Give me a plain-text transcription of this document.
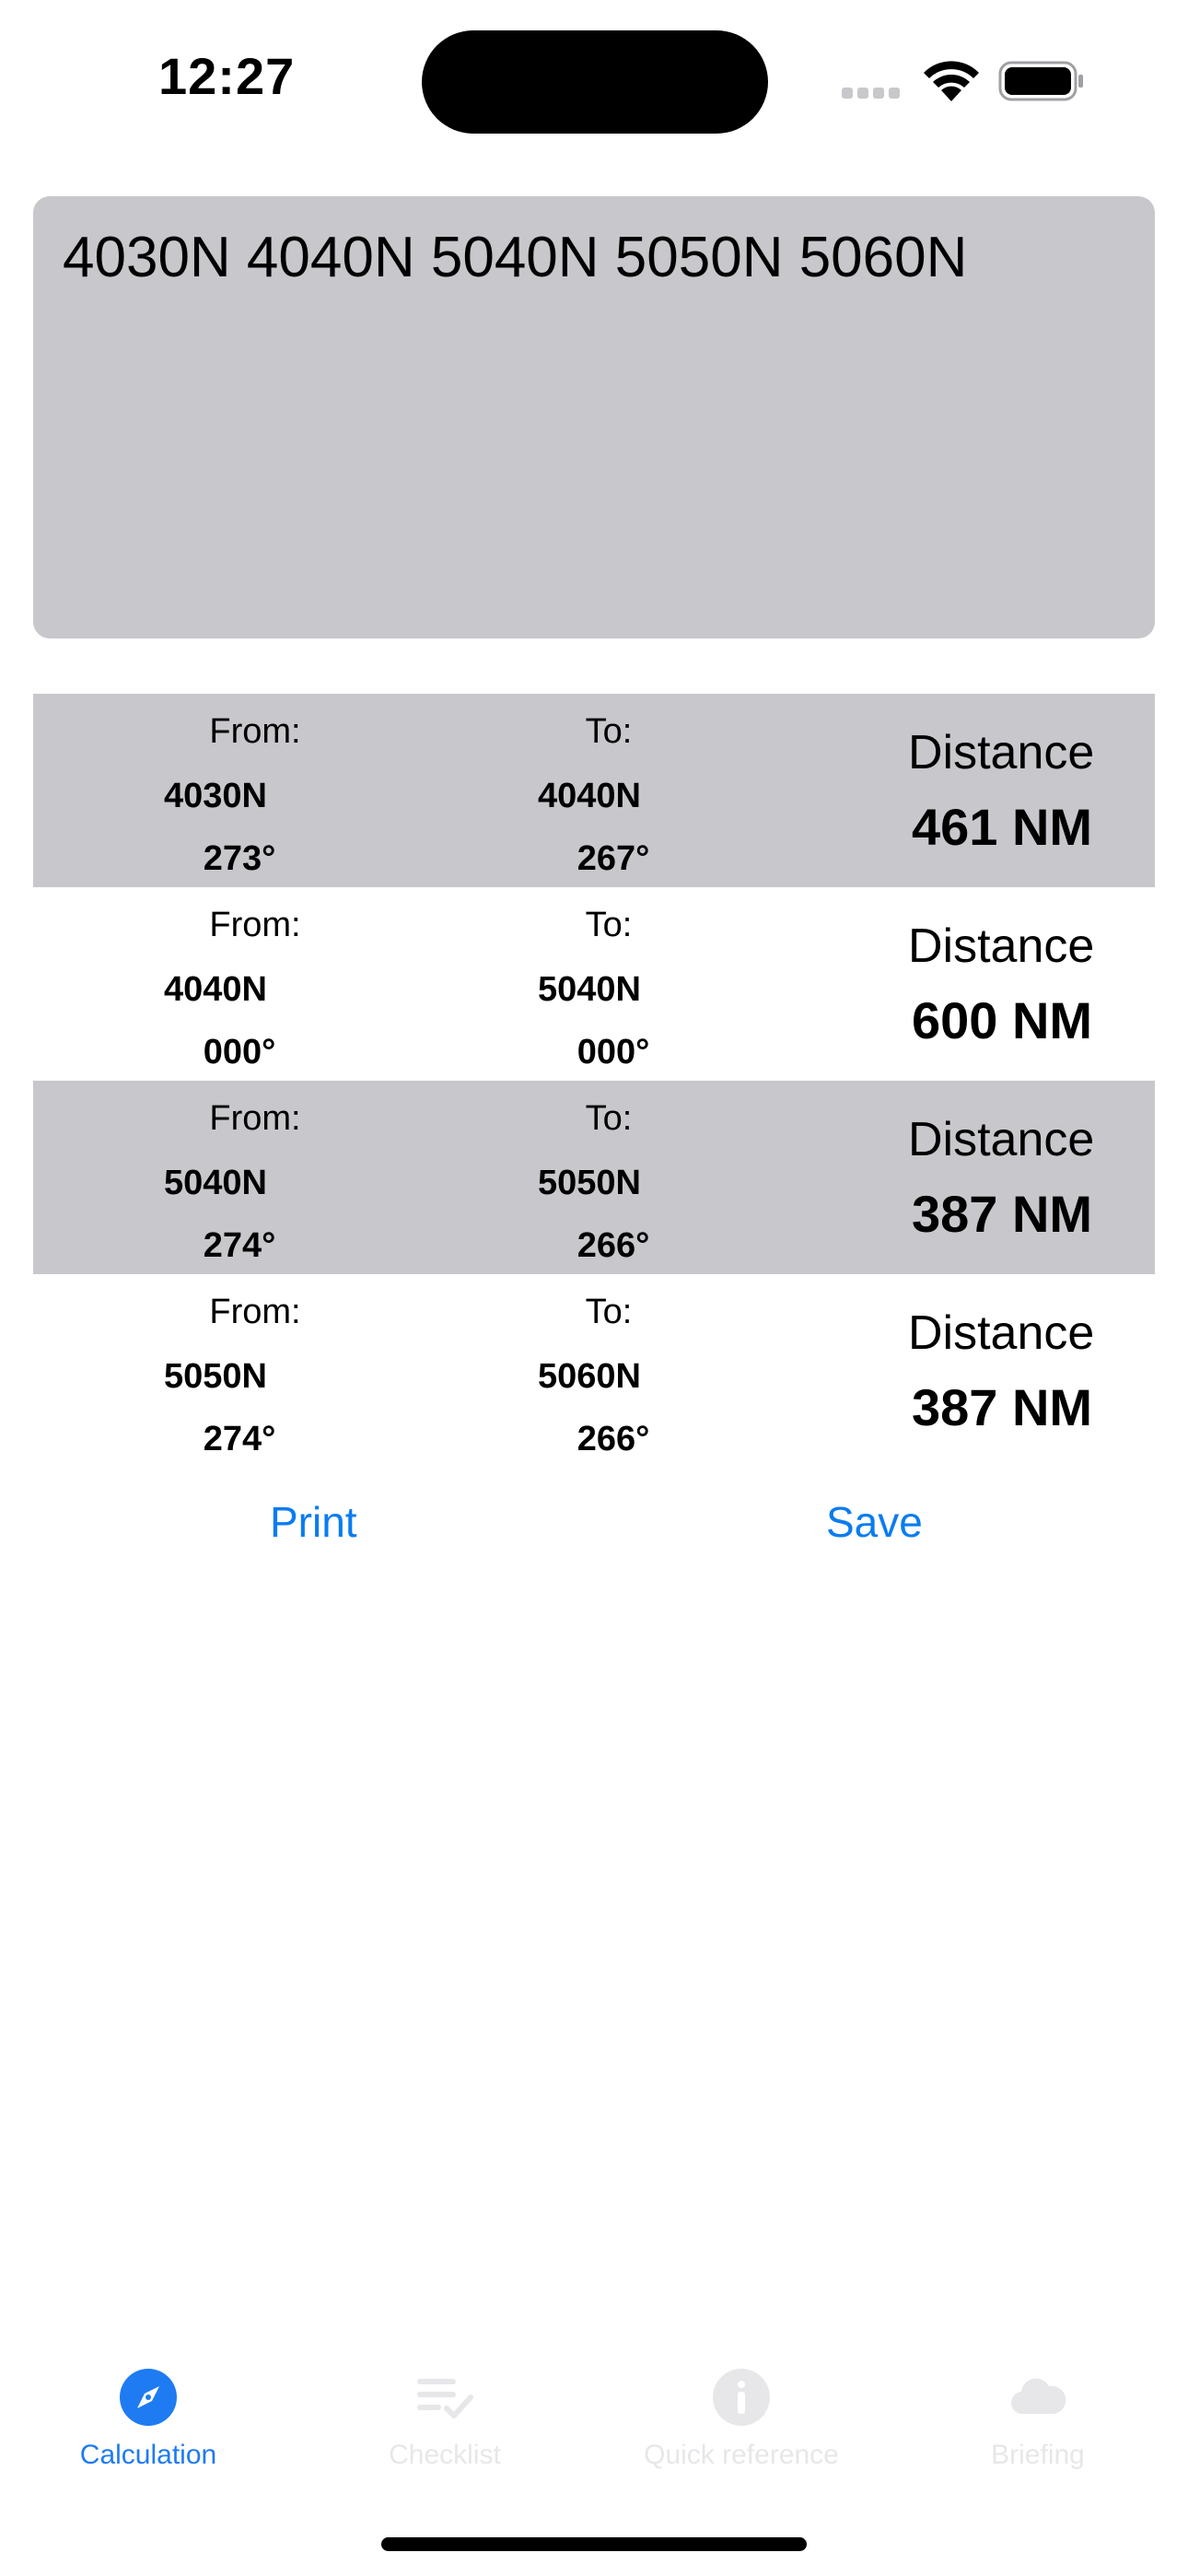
12:27
4030N 4040N 5040N 5050N 5060N
From:	To:
4030N	4040N
273°	267°
Distance
461 NM
From:	To:
4040N	5040N
000°	000°
Distance
600 NM
From:	To:
5040N	5050N
274°	266°
Distance
387 NM
From:	To:
5050N	5060N
274°	266°
Distance
387 NM
Print	Save
Calculation	Checklist	Quick reference	Briefing
